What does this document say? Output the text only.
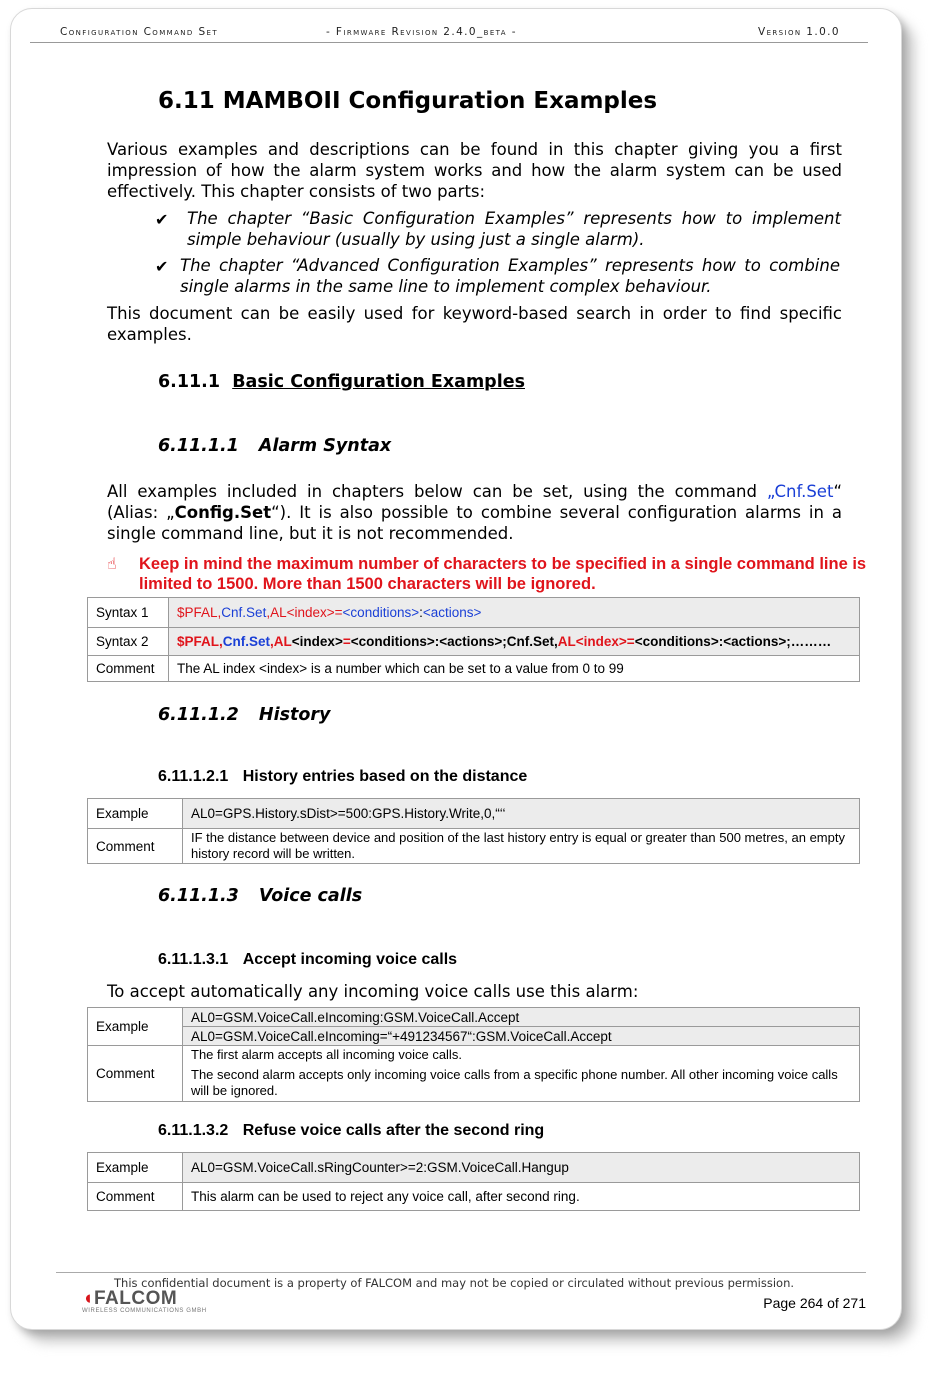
Configuration Command Set	- Firmware Revision 2.4.0_beta -	Version 1.0.0
6.11 MAMBOII Configuration Examples
Various examples and descriptions can be found in this chapter giving you a first impression of how the alarm system works and how the alarm system can be used effectively. This chapter consists of two parts:
✔	The chapter “Basic Configuration Examples” represents how to implement simple behaviour (usually by using just a single alarm).
✔ The chapter “Advanced Configuration Examples” represents how to combine single alarms in the same line to implement complex behaviour.
This document can be easily used for keyword-based search in order to find specific examples.
6.11.1 Basic Configuration Examples
6.11.1.1 Alarm Syntax
All examples included in chapters below can be set, using the command „Cnf.Set“ (Alias: „Config.Set“). It is also possible to combine several configuration alarms in a single command line, but it is not recommended.
☝	Keep in mind the maximum number of characters to be specified in a single command line is limited to 1500. More than 1500 characters will be ignored.
Syntax 1	$PFAL,Cnf.Set,AL<index>=<conditions>:<actions>
Syntax 2	$PFAL,Cnf.Set,AL<index>=<conditions>:<actions>;Cnf.Set,AL<index>=<conditions>:<actions>;………
Comment	The AL index <index> is a number which can be set to a value from 0 to 99
6.11.1.2 History
6.11.1.2.1 History entries based on the distance
Example	AL0=GPS.History.sDist>=500:GPS.History.Write,0,“‘‘
Comment	IF the distance between device and position of the last history entry is equal or greater than 500 metres, an empty history record will be written.
6.11.1.3 Voice calls
6.11.1.3.1 Accept incoming voice calls
To accept automatically any incoming voice calls use this alarm:
Example	AL0=GSM.VoiceCall.eIncoming:GSM.VoiceCall.Accept
	AL0=GSM.VoiceCall.eIncoming=“+491234567“:GSM.VoiceCall.Accept
Comment	The first alarm accepts all incoming voice calls.
The second alarm accepts only incoming voice calls from a specific phone number. All other incoming voice calls will be ignored.
6.11.1.3.2 Refuse voice calls after the second ring
Example	AL0=GSM.VoiceCall.sRingCounter>=2:GSM.VoiceCall.Hangup
Comment	This alarm can be used to reject any voice call, after second ring.
This confidential document is a property of FALCOM and may not be copied or circulated without previous permission.
◖FALCOM
WIRELESS COMMUNICATIONS GMBH	Page 264 of 271
